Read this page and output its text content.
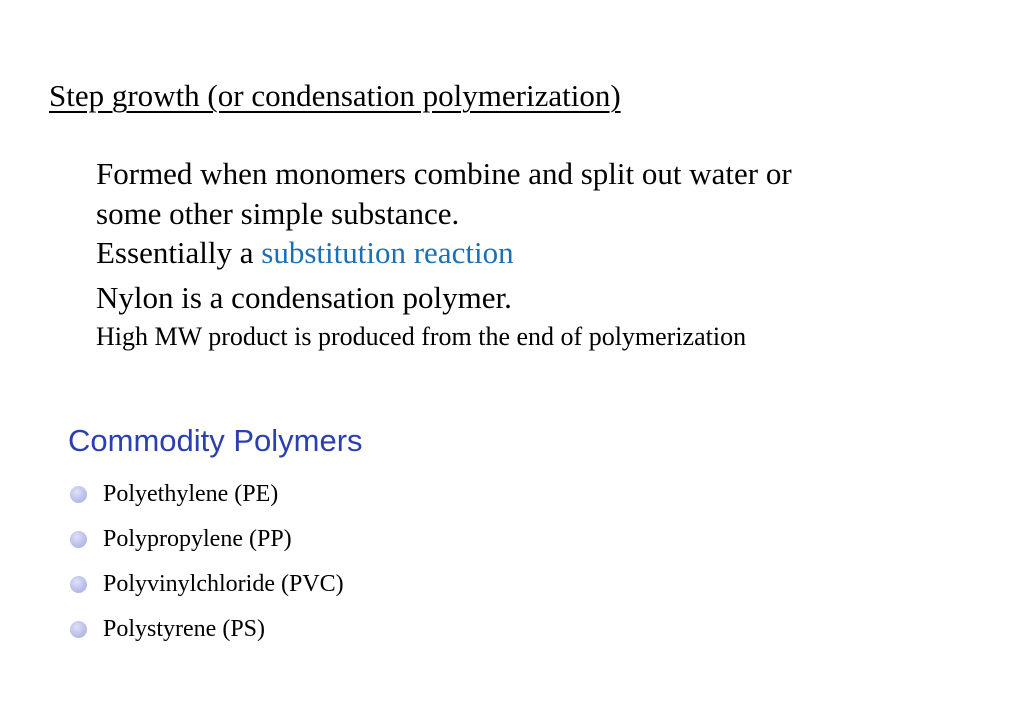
Step growth (or condensation polymerization)
Formed when monomers combine and split out water or
some other simple substance.
Essentially a substitution reaction
Nylon is a condensation polymer.
High MW product is produced from the end of polymerization
Commodity Polymers
Polyethylene (PE)
Polypropylene (PP)
Polyvinylchloride (PVC)
Polystyrene (PS)
